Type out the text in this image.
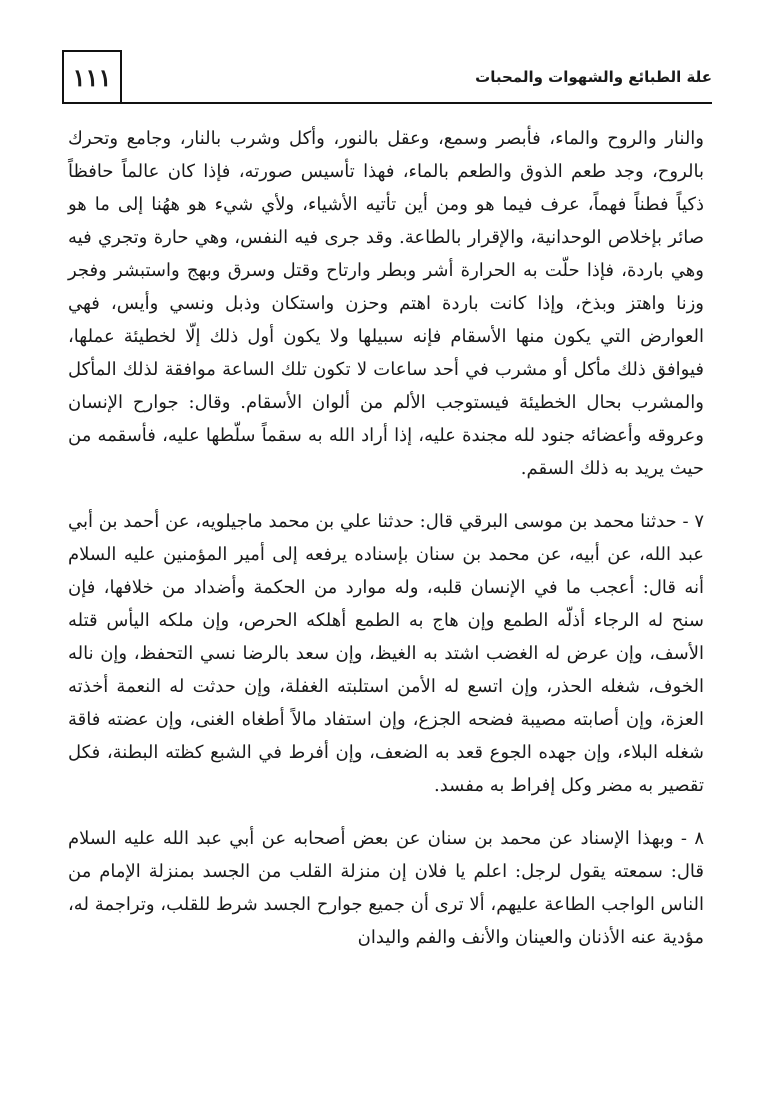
١١١	علة الطبائع والشهوات والمحبات

والنار والروح والماء، فأبصر وسمع، وعقل بالنور، وأكل وشرب بالنار، وجامع وتحرك بالروح، وجد طعم الذوق والطعم بالماء، فهذا تأسيس صورته، فإذا كان عالماً حافظاً ذكياً فطناً فهماً، عرف فيما هو ومن أين تأتيه الأشياء، ولأي شيء هو ههُنا إلى ما هو صائر بإخلاص الوحدانية، والإقرار بالطاعة. وقد جرى فيه النفس، وهي حارة وتجري فيه وهي باردة، فإذا حلّت به الحرارة أشر وبطر وارتاح وقتل وسرق وبهج واستبشر وفجر وزنا واهتز وبذخ، وإذا كانت باردة اهتم وحزن واستكان وذبل ونسي وأيس، فهي العوارض التي يكون منها الأسقام فإنه سبيلها ولا يكون أول ذلك إلّا لخطيئة عملها، فيوافق ذلك مأكل أو مشرب في أحد ساعات لا تكون تلك الساعة موافقة لذلك المأكل والمشرب بحال الخطيئة فيستوجب الألم من ألوان الأسقام. وقال: جوارح الإنسان وعروقه وأعضائه جنود لله مجندة عليه، إذا أراد الله به سقماً سلّطها عليه، فأسقمه من حيث يريد به ذلك السقم.

٧ - حدثنا محمد بن موسى البرقي قال: حدثنا علي بن محمد ماجيلويه، عن أحمد بن أبي عبد الله، عن أبيه، عن محمد بن سنان بإسناده يرفعه إلى أمير المؤمنين عليه السلام أنه قال: أعجب ما في الإنسان قلبه، وله موارد من الحكمة وأضداد من خلافها، فإن سنح له الرجاء أذلّه الطمع وإن هاج به الطمع أهلكه الحرص، وإن ملكه اليأس قتله الأسف، وإن عرض له الغضب اشتد به الغيظ، وإن سعد بالرضا نسي التحفظ، وإن ناله الخوف، شغله الحذر، وإن اتسع له الأمن استلبته الغفلة، وإن حدثت له النعمة أخذته العزة، وإن أصابته مصيبة فضحه الجزع، وإن استفاد مالاً أطغاه الغنى، وإن عضته فاقة شغله البلاء، وإن جهده الجوع قعد به الضعف، وإن أفرط في الشبع كظته البطنة، فكل تقصير به مضر وكل إفراط به مفسد.

٨ - وبهذا الإسناد عن محمد بن سنان عن بعض أصحابه عن أبي عبد الله عليه السلام قال: سمعته يقول لرجل: اعلم يا فلان إن منزلة القلب من الجسد بمنزلة الإمام من الناس الواجب الطاعة عليهم، ألا ترى أن جميع جوارح الجسد شرط للقلب، وتراجمة له، مؤدية عنه الأذنان والعينان والأنف والفم واليدان
